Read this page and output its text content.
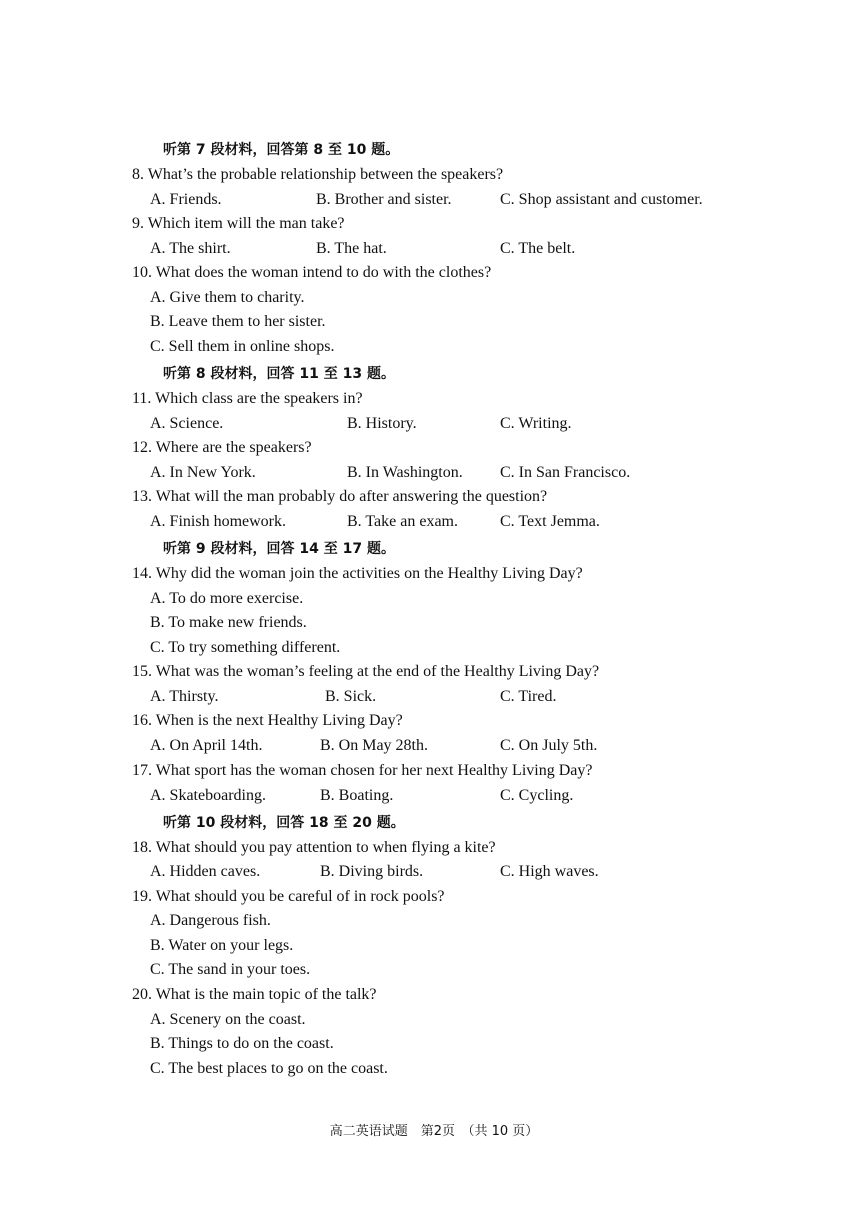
听第 7 段材料，回答第 8 至 10 题。
8. What’s the probable relationship between the speakers?
A. Friends.	B. Brother and sister.	C. Shop assistant and customer.
9. Which item will the man take?
A. The shirt.	B. The hat.	C. The belt.
10. What does the woman intend to do with the clothes?
A. Give them to charity.
B. Leave them to her sister.
C. Sell them in online shops.
听第 8 段材料，回答 11 至 13 题。
11. Which class are the speakers in?
A. Science.	B. History.	C. Writing.
12. Where are the speakers?
A. In New York.	B. In Washington. C. In San Francisco.
13. What will the man probably do after answering the question?
A. Finish homework.	B. Take an exam.	C. Text Jemma.
听第 9 段材料，回答 14 至 17 题。
14. Why did the woman join the activities on the Healthy Living Day?
A. To do more exercise.
B. To make new friends.
C. To try something different.
15. What was the woman’s feeling at the end of the Healthy Living Day?
A. Thirsty.	B. Sick.	C. Tired.
16. When is the next Healthy Living Day?
A. On April 14th.	B. On May 28th.	C. On July 5th.
17. What sport has the woman chosen for her next Healthy Living Day?
A. Skateboarding.	B. Boating.	C. Cycling.
听第 10 段材料，回答 18 至 20 题。
18. What should you pay attention to when flying a kite?
A. Hidden caves.	B. Diving birds.	C. High waves.
19. What should you be careful of in rock pools?
A. Dangerous fish.
B. Water on your legs.
C. The sand in your toes.
20. What is the main topic of the talk?
A. Scenery on the coast.
B. Things to do on the coast.
C. The best places to go on the coast.
高二英语试题　第2页　（共 10 页）
